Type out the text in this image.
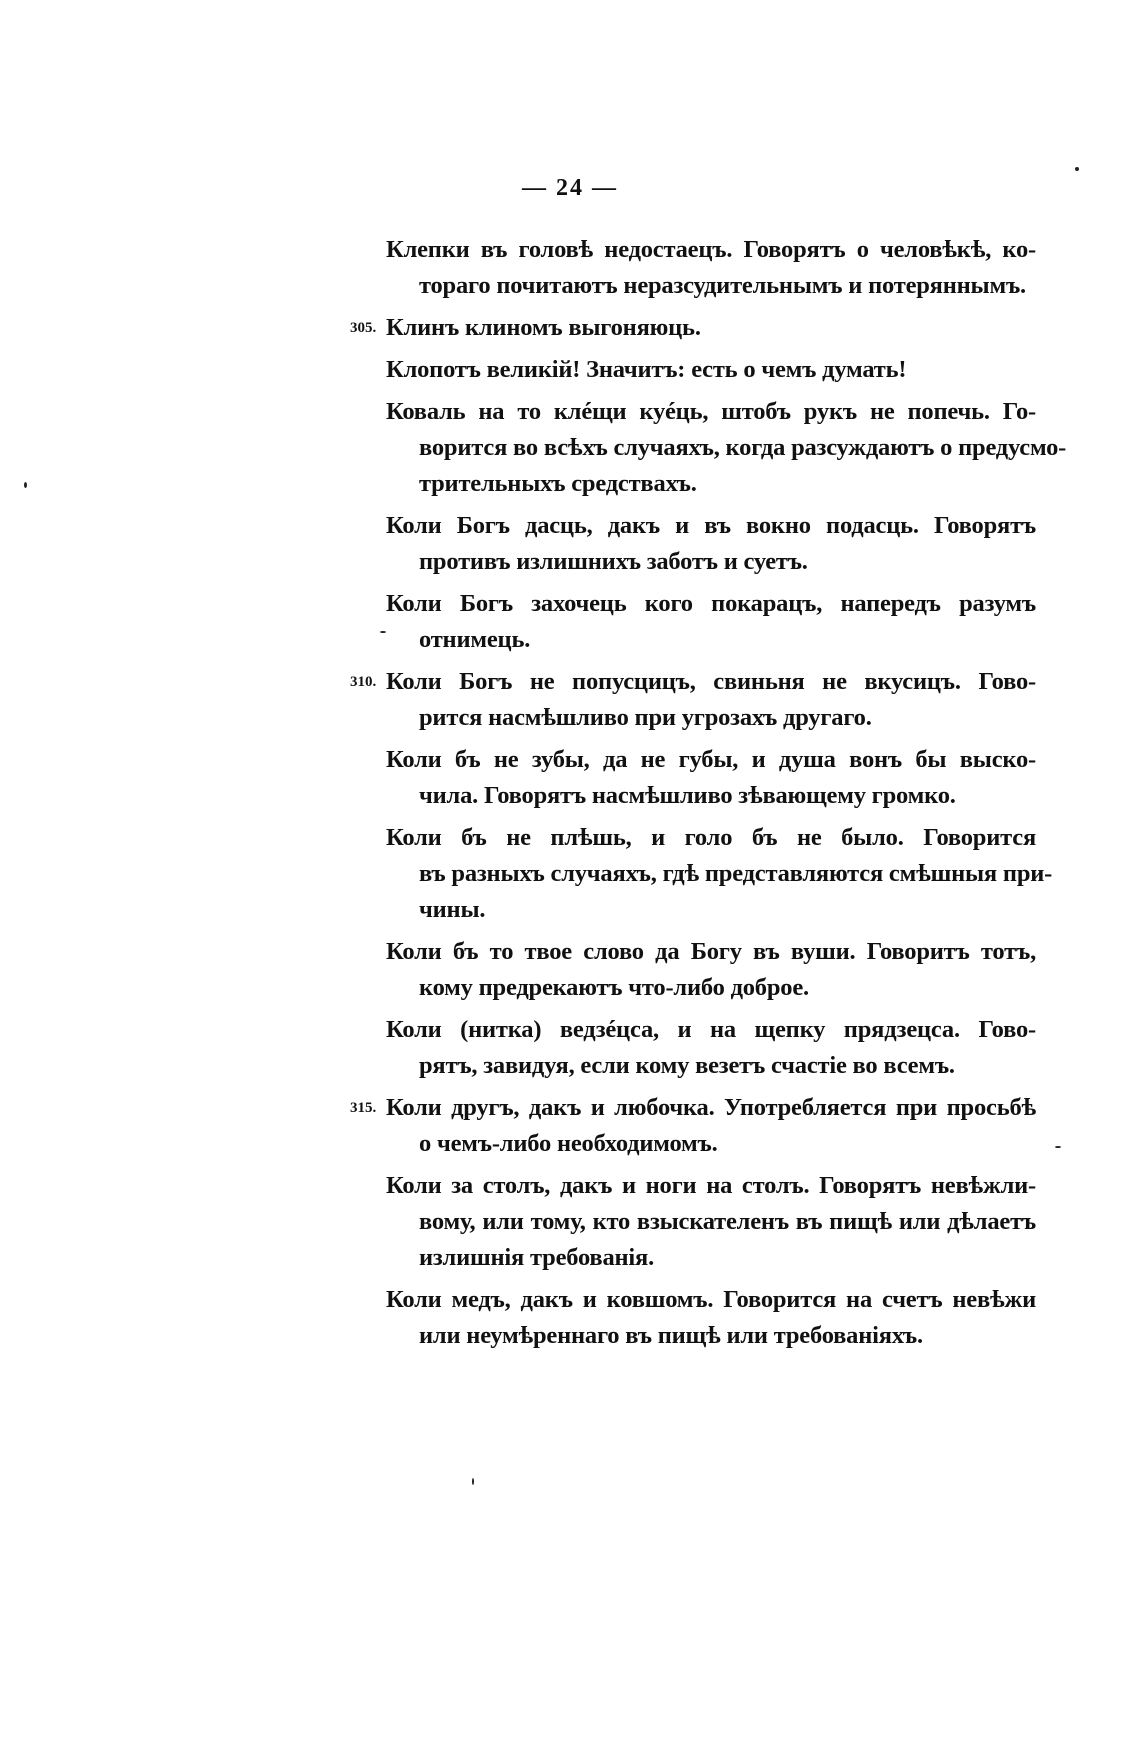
— 24 —
Клепки въ головѣ недостаецъ. Говорятъ о человѣкѣ, ко-
тораго почитаютъ неразсудительнымъ и потеряннымъ.
305. Клинъ клиномъ выгоняюць.
Клопотъ великій! Значитъ: есть о чемъ думать!
Коваль на то клéщи куéць, штобъ рукъ не попечь. Го-
ворится во всѣхъ случаяхъ, когда разсуждаютъ о предусмо-
трительныхъ средствахъ.
Коли Богъ дасць, дакъ и въ вокно подасць. Говорятъ
противъ излишнихъ заботъ и суетъ.
Коли Богъ захочець кого покарацъ, напередъ разумъ
отнимець.
310. Коли Богъ не попусцицъ, свиньня не вкусицъ. Гово-
рится насмѣшливо при угрозахъ другаго.
Коли бъ не зубы, да не губы, и душа вонъ бы выско-
чила. Говорятъ насмѣшливо зѣвающему громко.
Коли бъ не плѣшь, и голо бъ не было. Говорится
въ разныхъ случаяхъ, гдѣ представляются смѣшныя при-
чины.
Коли бъ то твое слово да Богу въ вуши. Говоритъ тотъ,
кому предрекаютъ что-либо доброе.
Коли (нитка) ведзéцса, и на щепку прядзецса. Гово-
рятъ, завидуя, если кому везетъ счастіе во всемъ.
315. Коли другъ, дакъ и любочка. Употребляется при просьбѣ
о чемъ-либо необходимомъ.
Коли за столъ, дакъ и ноги на столъ. Говорятъ невѣжли-
вому, или тому, кто взыскателенъ въ пищѣ или дѣлаетъ
излишнія требованія.
Коли медъ, дакъ и ковшомъ. Говорится на счетъ невѣжи
или неумѣреннаго въ пищѣ или требованіяхъ.
